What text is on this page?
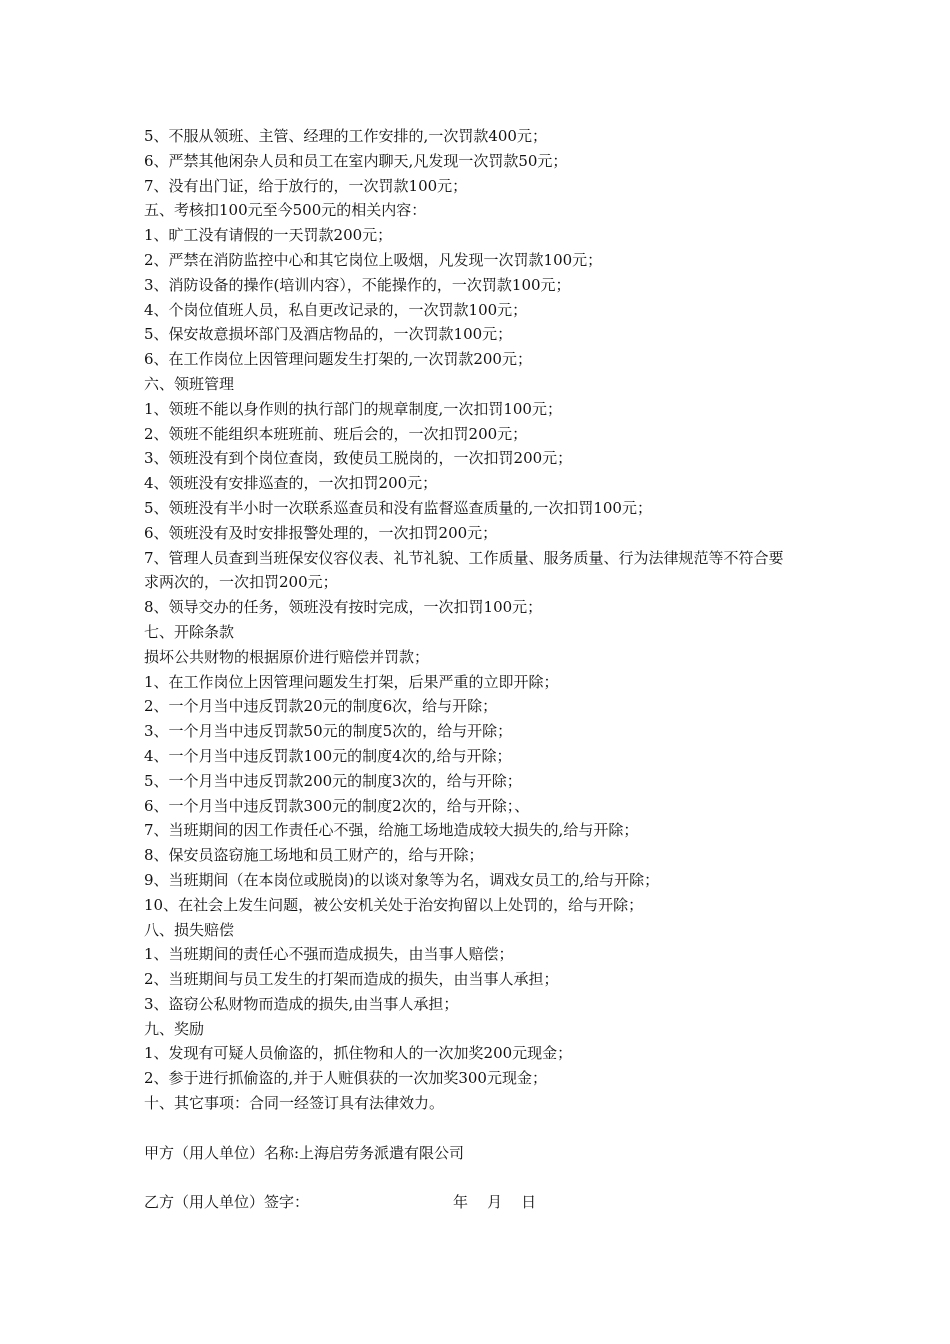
5、不服从领班、主管、经理的工作安排的,一次罚款400元；
6、严禁其他闲杂人员和员工在室内聊天,凡发现一次罚款50元；
7、没有出门证，给于放行的，一次罚款100元；
五、考核扣100元至今500元的相关内容：
1、旷工没有请假的一天罚款200元；
2、严禁在消防监控中心和其它岗位上吸烟，凡发现一次罚款100元；
3、消防设备的操作(培训内容），不能操作的，一次罚款100元；
4、个岗位值班人员，私自更改记录的，一次罚款100元；
5、保安故意损坏部门及酒店物品的，一次罚款100元；
6、在工作岗位上因管理问题发生打架的,一次罚款200元；
六、领班管理
1、领班不能以身作则的执行部门的规章制度,一次扣罚100元；
2、领班不能组织本班班前、班后会的，一次扣罚200元；
3、领班没有到个岗位查岗，致使员工脱岗的，一次扣罚200元；
4、领班没有安排巡查的，一次扣罚200元；
5、领班没有半小时一次联系巡查员和没有监督巡查质量的,一次扣罚100元；
6、领班没有及时安排报警处理的，一次扣罚200元；
7、管理人员查到当班保安仪容仪表、礼节礼貌、工作质量、服务质量、行为法律规范等不符合要
求两次的，一次扣罚200元；
8、领导交办的任务，领班没有按时完成，一次扣罚100元；
七、开除条款
损坏公共财物的根据原价进行赔偿并罚款；
1、在工作岗位上因管理问题发生打架，后果严重的立即开除；
2、一个月当中违反罚款20元的制度6次，给与开除；
3、一个月当中违反罚款50元的制度5次的，给与开除；
4、一个月当中违反罚款100元的制度4次的,给与开除；
5、一个月当中违反罚款200元的制度3次的，给与开除；
6、一个月当中违反罚款300元的制度2次的，给与开除；、
7、当班期间的因工作责任心不强，给施工场地造成较大损失的,给与开除；
8、保安员盗窃施工场地和员工财产的，给与开除；
9、当班期间（在本岗位或脱岗)的以谈对象等为名，调戏女员工的,给与开除；
10、在社会上发生问题，被公安机关处于治安拘留以上处罚的，给与开除；
八、损失赔偿
1、当班期间的责任心不强而造成损失，由当事人赔偿；
2、当班期间与员工发生的打架而造成的损失，由当事人承担；
3、盗窃公私财物而造成的损失,由当事人承担；
九、奖励
1、发现有可疑人员偷盗的，抓住物和人的一次加奖200元现金；
2、参于进行抓偷盗的,并于人赃俱获的一次加奖300元现金；
十、其它事项：合同一经签订具有法律效力。
甲方（用人单位）名称:上海启劳务派遣有限公司
乙方（用人单位）签字：	年    月    日
